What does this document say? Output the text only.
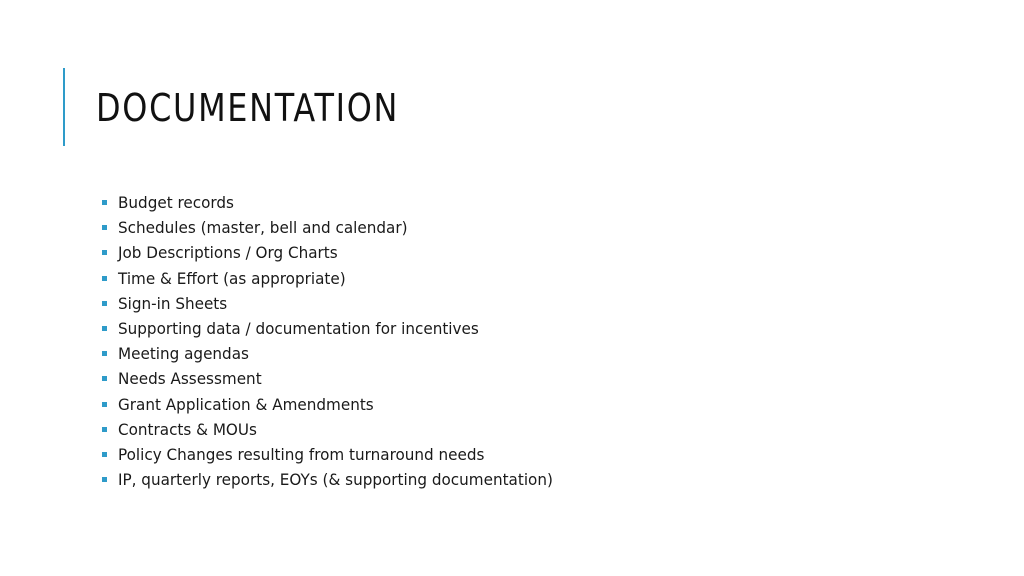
DOCUMENTATION
Budget records
Schedules (master, bell and calendar)
Job Descriptions / Org Charts
Time & Effort (as appropriate)
Sign-in Sheets
Supporting data / documentation for incentives
Meeting agendas
Needs Assessment
Grant Application & Amendments
Contracts & MOUs
Policy Changes resulting from turnaround needs
IP, quarterly reports, EOYs (& supporting documentation)
